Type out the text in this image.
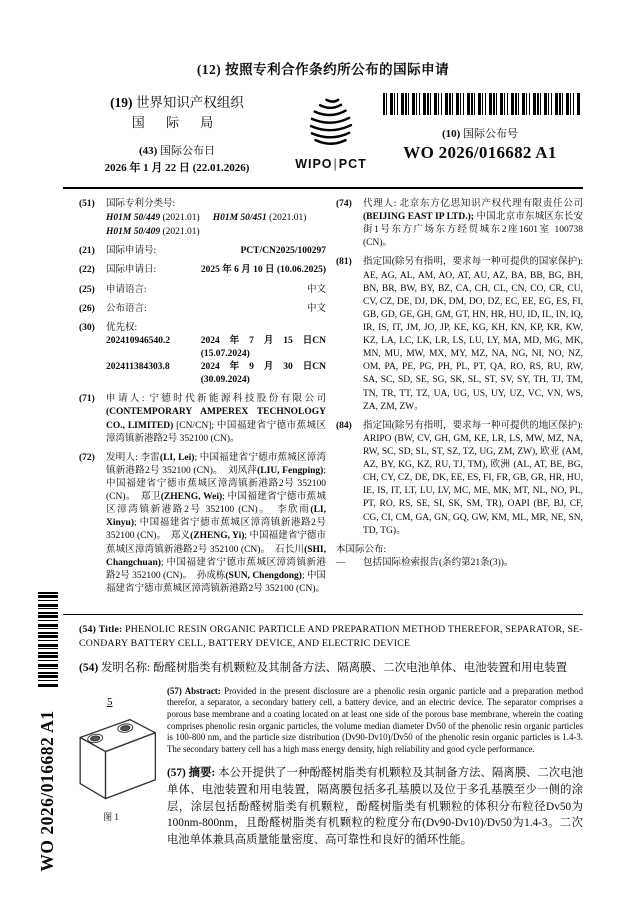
WO 2026/016682 A1
(12) 按照专利合作条约所公布的国际申请
(19) 世界知识产权组织
国 际 局
(43) 国际公布日
2026 年 1 月 22 日 (22.01.2026)	WIPO|PCT
(10) 国际公布号
WO 2026/016682 A1
(51) 国际专利分类号:
H01M 50/449 (2021.01) H01M 50/451 (2021.01)
H01M 50/409 (2021.01)
(21) 国际申请号:	PCT/CN2025/100297
(22) 国际申请日:	2025 年 6 月 10 日 (10.06.2025)
(25) 申请语言:	中文
(26) 公布语言:	中文
(30) 优先权:
202410946540.2	2024年7月15日 (15.07.2024)
CN
202411384303.8	2024年9月30日 (30.09.2024)
CN
(71) 申请人: 宁德时代新能源科技股份有限公司 (CONTEMPORARY AMPEREX TECHNOLOGY CO., LIMITED) [CN/CN]; 中国福建省宁德市蕉城区漳湾镇新港路2号 352100 (CN)。
(72) 发明人: 李雷(LI, Lei); 中国福建省宁德市蕉城区漳湾镇新港路2号 352100 (CN)。　刘凤萍(LIU, Fengping); 中国福建省宁德市蕉城区漳湾镇新港路2号 352100 (CN)。　郑卫(ZHENG, Wei); 中国福建省宁德市蕉城区漳湾镇新港路2号 352100 (CN)。　李欣雨(LI, Xinyu); 中国福建省宁德市蕉城区漳湾镇新港路2号 352100 (CN)。　郑义(ZHENG, Yi); 中国福建省宁德市蕉城区漳湾镇新港路2号 352100 (CN)。　石长川(SHI, Changchuan); 中国福建省宁德市蕉城区漳湾镇新港路2号 352100 (CN)。　孙成栋(SUN, Chengdong); 中国福建省宁德市蕉城区漳湾镇新港路2号 352100 (CN)。　
(74) 代理人: 北京东方亿思知识产权代理有限责任公司 (BEIJING EAST IP LTD.); 中国北京市东城区东长安街1号东方广场东方经贸城东2座1601室 100738 (CN)。
(81) 指定国(除另有指明，要求每一种可提供的国家保护): AE, AG, AL, AM, AO, AT, AU, AZ, BA, BB, BG, BH, BN, BR, BW, BY, BZ, CA, CH, CL, CN, CO, CR, CU, CV, CZ, DE, DJ, DK, DM, DO, DZ, EC, EE, EG, ES, FI, GB, GD, GE, GH, GM, GT, HN, HR, HU, ID, IL, IN, IQ, IR, IS, IT, JM, JO, JP, KE, KG, KH, KN, KP, KR, KW, KZ, LA, LC, LK, LR, LS, LU, LY, MA, MD, MG, MK, MN, MU, MW, MX, MY, MZ, NA, NG, NI, NO, NZ, OM, PA, PE, PG, PH, PL, PT, QA, RO, RS, RU, RW, SA, SC, SD, SE, SG, SK, SL, ST, SV, SY, TH, TJ, TM, TN, TR, TT, TZ, UA, UG, US, UY, UZ, VC, VN, WS, ZA, ZM, ZW。
(84) 指定国(除另有指明，要求每一种可提供的地区保护): ARIPO (BW, CV, GH, GM, KE, LR, LS, MW, MZ, NA, RW, SC, SD, SL, ST, SZ, TZ, UG, ZM, ZW), 欧亚 (AM, AZ, BY, KG, KZ, RU, TJ, TM), 欧洲 (AL, AT, BE, BG, CH, CY, CZ, DE, DK, EE, ES, FI, FR, GB, GR, HR, HU, IE, IS, IT, LT, LU, LV, MC, ME, MK, MT, NL, NO, PL, PT, RO, RS, SE, SI, SK, SM, TR), OAPI (BF, BJ, CF, CG, CI, CM, GA, GN, GQ, GW, KM, ML, MR, NE, SN, TD, TG)。
本国际公布:
—	包括国际检索报告(条约第21条(3))。
(54) Title: PHENOLIC RESIN ORGANIC PARTICLE AND PREPARATION METHOD THEREFOR, SEPARATOR, SE-
CONDARY BATTERY CELL, BATTERY DEVICE, AND ELECTRIC DEVICE
(54) 发明名称: 酚醛树脂类有机颗粒及其制备方法、隔离膜、二次电池单体、电池装置和用电装置
5
图 1
(57) Abstract: Provided in the present disclosure are a phenolic resin organic particle and a preparation method therefor, a separator, a secondary battery cell, a battery device, and an electric device. The separator comprises a porous base membrane and a coating located on at least one side of the porous base membrane, wherein the coating comprises phenolic resin organic particles, the volume median diameter Dv50 of the phenolic resin organic particles is 100-800 nm, and the particle size distribution (Dv90-Dv10)/Dv50 of the phenolic resin organic particles is 1.4-3. The secondary battery cell has a high mass energy density, high reliability and good cycle performance.
(57) 摘要: 本公开提供了一种酚醛树脂类有机颗粒及其制备方法、隔离膜、二次电池单体、电池装置和用电装置，隔离膜包括多孔基膜以及位于多孔基膜至少一侧的涂层，涂层包括酚醛树脂类有机颗粒，酚醛树脂类有机颗粒的体积分布粒径Dv50为100nm-800nm，且酚醛树脂类有机颗粒的粒度分布(Dv90-Dv10)/Dv50为1.4-3。二次电池单体兼具高质量能量密度、高可靠性和良好的循环性能。
